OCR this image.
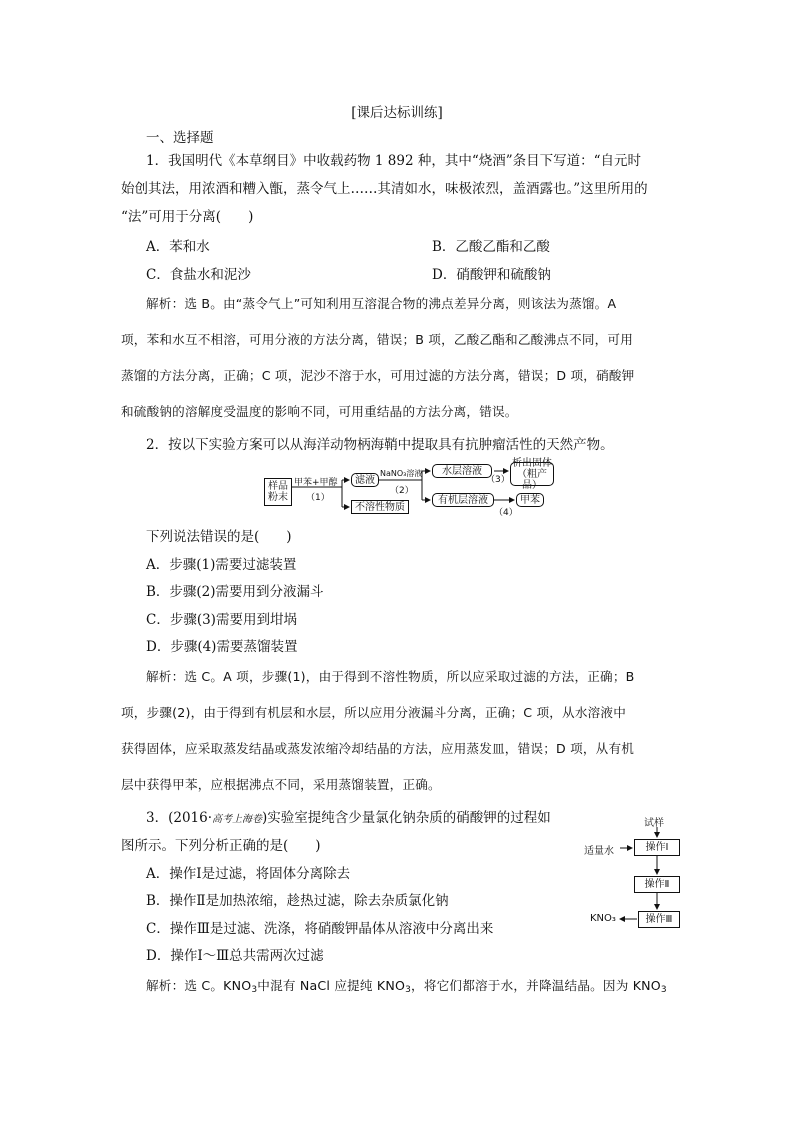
[课后达标训练]
一、选择题
1．我国明代《本草纲目》中收载药物 1 892 种，其中“烧酒”条目下写道：“自元时
始创其法，用浓酒和糟入甑，蒸令气上……其清如水，味极浓烈，盖酒露也。”这里所用的
“法”可用于分离(　　)
A．苯和水	B．乙酸乙酯和乙酸
C．食盐水和泥沙	D．硝酸钾和硫酸钠
解析：选 B。由“蒸令气上”可知利用互溶混合物的沸点差异分离，则该法为蒸馏。A
项，苯和水互不相溶，可用分液的方法分离，错误；B 项，乙酸乙酯和乙酸沸点不同，可用
蒸馏的方法分离，正确；C 项，泥沙不溶于水，可用过滤的方法分离，错误；D 项，硝酸钾
和硫酸钠的溶解度受温度的影响不同，可用重结晶的方法分离，错误。
2．按以下实验方案可以从海洋动物柄海鞘中提取具有抗肿瘤活性的天然产物。
样品
粉末
甲苯+甲醇
（1）
滤液
不溶性物质
NaNO₃溶液
（2）
水层溶液
有机层溶液
（3）
（4）
析出固体
（粗产品）
甲苯
下列说法错误的是(　　)
A．步骤(1)需要过滤装置
B．步骤(2)需要用到分液漏斗
C．步骤(3)需要用到坩埚
D．步骤(4)需要蒸馏装置
解析：选 C。A 项，步骤(1)，由于得到不溶性物质，所以应采取过滤的方法，正确；B
项，步骤(2)，由于得到有机层和水层，所以应用分液漏斗分离，正确；C 项，从水溶液中
获得固体，应采取蒸发结晶或蒸发浓缩冷却结晶的方法，应用蒸发皿，错误；D 项，从有机
层中获得甲苯，应根据沸点不同，采用蒸馏装置，正确。
3．(2016·高考上海卷)实验室提纯含少量氯化钠杂质的硝酸钾的过程如
图所示。下列分析正确的是(　　)
A．操作Ⅰ是过滤，将固体分离除去
B．操作Ⅱ是加热浓缩，趁热过滤，除去杂质氯化钠
C．操作Ⅲ是过滤、洗涤，将硝酸钾晶体从溶液中分离出来
D．操作Ⅰ～Ⅲ总共需两次过滤
试样
适量水	操作Ⅰ
操作Ⅱ
操作Ⅲ
KNO₃
解析：选 C。$KNO_3$中混有 NaCl 应提纯 $KNO_3$，将它们都溶于水，并降温结晶。因为 $KNO_3$
